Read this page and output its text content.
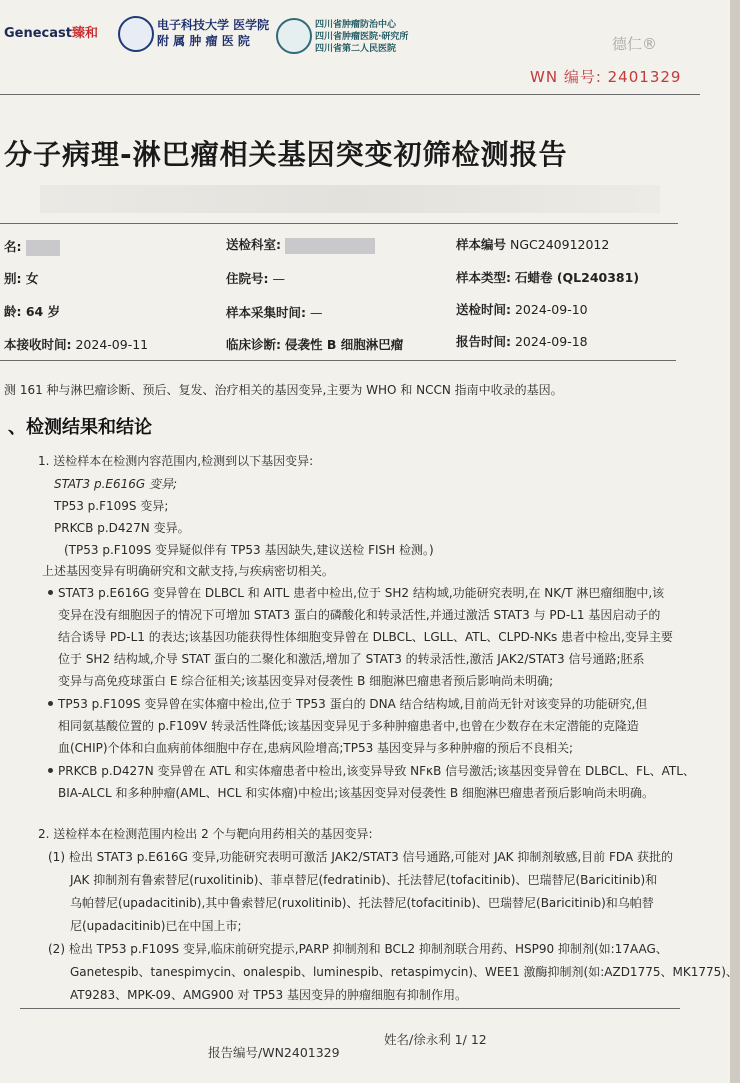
Genecast臻和
电子科技大学 医学院
附 属 肿 瘤 医 院
四川省肿瘤防治中心
四川省肿瘤医院·研究所
四川省第二人民医院	德仁®
WN 编号: 2401329
分子病理-淋巴瘤相关基因突变初筛检测报告
名:
别: 女
龄: 64 岁
本接收时间: 2024-09-11
送检科室:
住院号: —
样本采集时间: —
临床诊断: 侵袭性 B 细胞淋巴瘤
样本编号 NGC240912012
样本类型: 石蜡卷 (QL240381)
送检时间: 2024-09-10
报告时间: 2024-09-18
测 161 种与淋巴瘤诊断、预后、复发、治疗相关的基因变异,主要为 WHO 和 NCCN 指南中收录的基因。
、检测结果和结论
1. 送检样本在检测内容范围内,检测到以下基因变异:
STAT3 p.E616G 变异;
TP53 p.F109S 变异;
PRKCB p.D427N 变异。
(TP53 p.F109S 变异疑似伴有 TP53 基因缺失,建议送检 FISH 检测。)
上述基因变异有明确研究和文献支持,与疾病密切相关。
STAT3 p.E616G 变异曾在 DLBCL 和 AITL 患者中检出,位于 SH2 结构域,功能研究表明,在 NK/T 淋巴瘤细胞中,该
变异在没有细胞因子的情况下可增加 STAT3 蛋白的磷酸化和转录活性,并通过激活 STAT3 与 PD-L1 基因启动子的
结合诱导 PD-L1 的表达;该基因功能获得性体细胞变异曾在 DLBCL、LGLL、ATL、CLPD-NKs 患者中检出,变异主要
位于 SH2 结构域,介导 STAT 蛋白的二聚化和激活,增加了 STAT3 的转录活性,激活 JAK2/STAT3 信号通路;胚系
变异与高免疫球蛋白 E 综合征相关;该基因变异对侵袭性 B 细胞淋巴瘤患者预后影响尚未明确;
TP53 p.F109S 变异曾在实体瘤中检出,位于 TP53 蛋白的 DNA 结合结构域,目前尚无针对该变异的功能研究,但
相同氨基酸位置的 p.F109V 转录活性降低;该基因变异见于多种肿瘤患者中,也曾在少数存在未定潜能的克隆造
血(CHIP)个体和白血病前体细胞中存在,患病风险增高;TP53 基因变异与多种肿瘤的预后不良相关;
PRKCB p.D427N 变异曾在 ATL 和实体瘤患者中检出,该变异导致 NFκB 信号激活;该基因变异曾在 DLBCL、FL、ATL、
BIA-ALCL 和多种肿瘤(AML、HCL 和实体瘤)中检出;该基因变异对侵袭性 B 细胞淋巴瘤患者预后影响尚未明确。
2. 送检样本在检测范围内检出 2 个与靶向用药相关的基因变异:
(1) 检出 STAT3 p.E616G 变异,功能研究表明可激活 JAK2/STAT3 信号通路,可能对 JAK 抑制剂敏感,目前 FDA 获批的
JAK 抑制剂有鲁索替尼(ruxolitinib)、菲卓替尼(fedratinib)、托法替尼(tofacitinib)、巴瑞替尼(Baricitinib)和
乌帕替尼(upadacitinib),其中鲁索替尼(ruxolitinib)、托法替尼(tofacitinib)、巴瑞替尼(Baricitinib)和乌帕替
尼(upadacitinib)已在中国上市;
(2) 检出 TP53 p.F109S 变异,临床前研究提示,PARP 抑制剂和 BCL2 抑制剂联合用药、HSP90 抑制剂(如:17AAG、
Ganetespib、tanespimycin、onalespib、luminespib、retaspimycin)、WEE1 激酶抑制剂(如:AZD1775、MK1775)、
AT9283、MPK-09、AMG900 对 TP53 基因变异的肿瘤细胞有抑制作用。
报告编号/WN2401329
姓名/徐永利 1/ 12
